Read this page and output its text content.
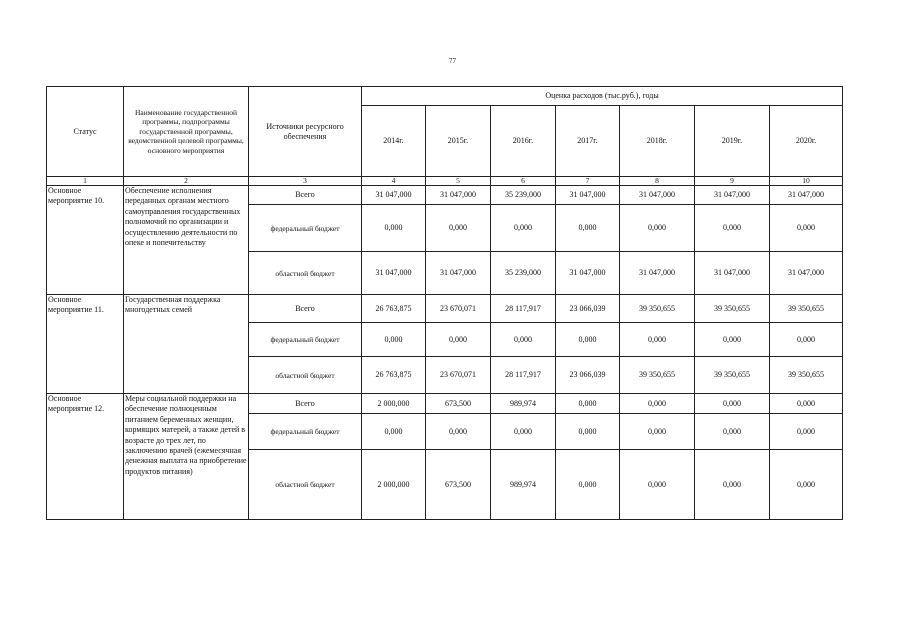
77
Статус	Наименование государственной программы, подпрограммы государственной программы, ведомственной целевой программы, основного мероприятия	Источники ресурсного обеспечения	Оценка расходов (тыс.руб.), годы						
			2014г.	2015г.	2016г.	2017г.	2018г.	2019г.	2020г.
1	2	3	4	5	6	7	8	9	10
Основное мероприятие 10.	Обеспечение исполнения переданных органам местного самоуправления государственных полномочий по организации и осуществлению деятельности по опеке и попечительству	Всего	31 047,000	31 047,000	35 239,000	31 047,000	31 047,000	31 047,000	31 047,000
		федеральный бюджет	0,000	0,000	0,000	0,000	0,000	0,000	0,000
		областной бюджет	31 047,000	31 047,000	35 239,000	31 047,000	31 047,000	31 047,000	31 047,000
Основное мероприятие 11.	Государственная поддержка многодетных семей	Всего	26 763,875	23 670,071	28 117,917	23 066,039	39 350,655	39 350,655	39 350,655
		федеральный бюджет	0,000	0,000	0,000	0,000	0,000	0,000	0,000
		областной бюджет	26 763,875	23 670,071	28 117,917	23 066,039	39 350,655	39 350,655	39 350,655
Основное мероприятие 12.	Меры социальной поддержки на обеспечение полноценным питанием беременных женщин, кормящих матерей, а также детей в возрасте до трех лет, по заключению врачей (ежемесячная денежная выплата на приобретение продуктов питания)	Всего	2 000,000	673,500	989,974	0,000	0,000	0,000	0,000
		федеральный бюджет	0,000	0,000	0,000	0,000	0,000	0,000	0,000
		областной бюджет	2 000,000	673,500	989,974	0,000	0,000	0,000	0,000
